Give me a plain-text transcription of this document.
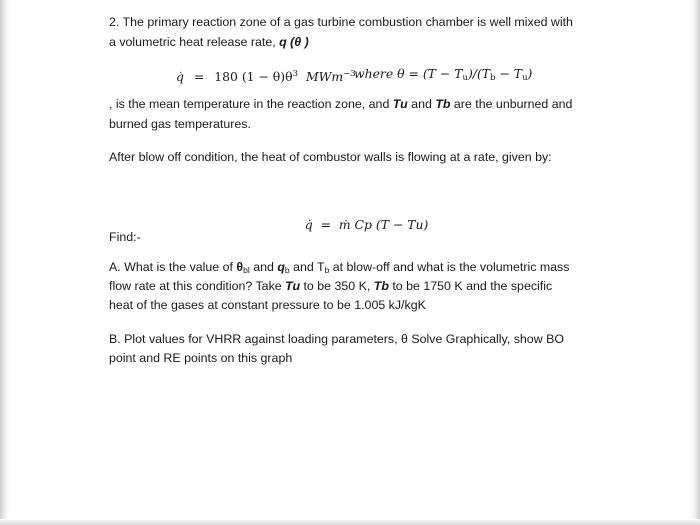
2. The primary reaction zone of a gas turbine combustion chamber is well mixed with
a volumetric heat release rate, q (θ )
q̇ = 180 $(1 - \theta)\theta^3$ MWm$^{-3}$
where $\theta = (T - T_u)/(T_b - T_u)$
, is the mean temperature in the reaction zone, and Tu and Tb are the unburned and
burned gas temperatures.
After blow off condition, the heat of combustor walls is flowing at a rate, given by:

q̇  =  ṁ Cp (T − Tu)

Find:-
A. What is the value of $\theta_{bl}$ and $q_b$ and $T_b$ at blow-off and what is the volumetric mass
flow rate at this condition? Take Tu to be 350 K, Tb to be 1750 K and the specific
heat of the gases at constant pressure to be 1.005 kJ/kgK
B. Plot values for VHRR against loading parameters, θ Solve Graphically, show BO
point and RE points on this graph
